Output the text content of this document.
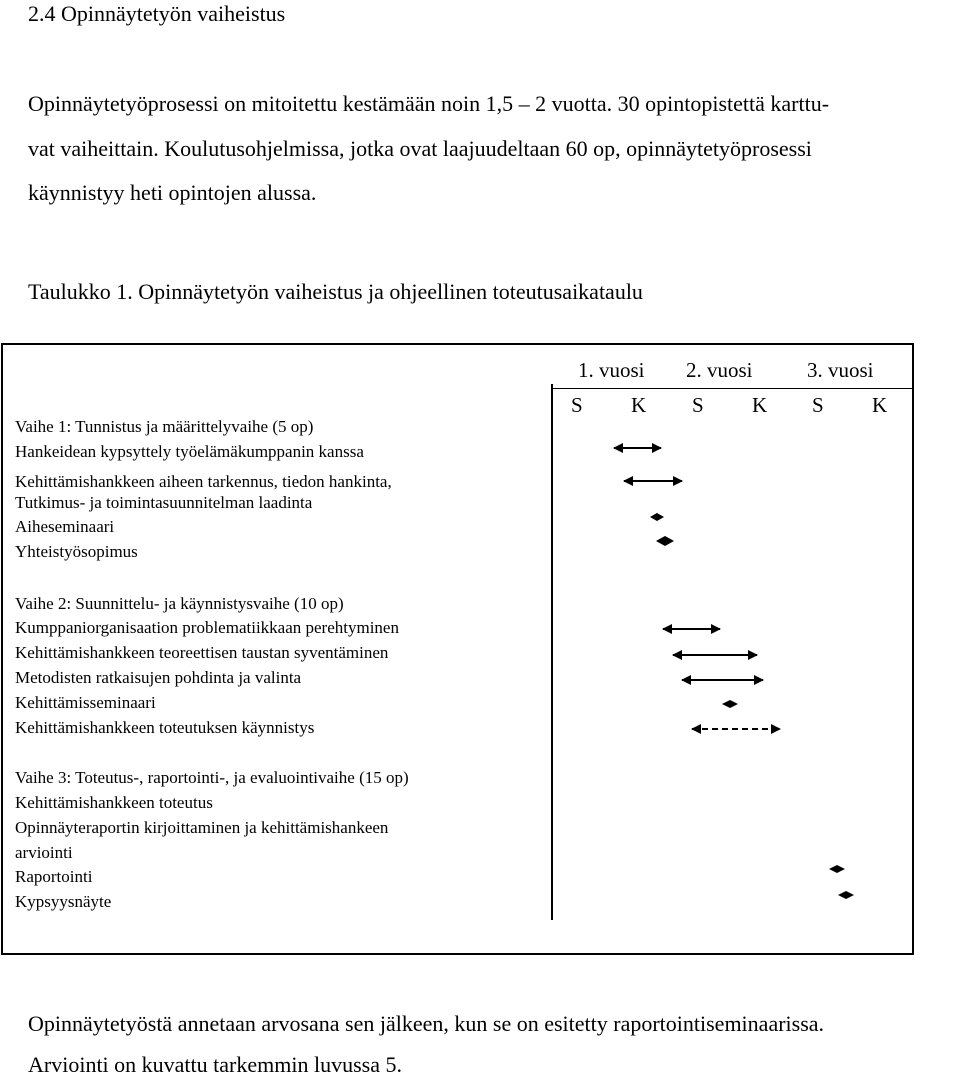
2.4 Opinnäytetyön vaiheistus

Opinnäytetyöprosessi on mitoitettu kestämään noin 1,5 – 2 vuotta. 30 opintopistettä karttu-

vat vaiheittain. Koulutusohjelmissa, jotka ovat laajuudeltaan 60 op, opinnäytetyöprosessi

käynnistyy heti opintojen alussa.

Taulukko 1. Opinnäytetyön vaiheistus ja ohjeellinen toteutusaikataulu

1. vuosi 2. vuosi	3. vuosi

S K S K S K

Vaihe 1: Tunnistus ja määrittelyvaihe (5 op)

Hankeidean kypsyttely työelämäkumppanin kanssa

Kehittämishankkeen aiheen tarkennus, tiedon hankinta,

Tutkimus- ja toimintasuunnitelman laadinta

Aiheseminaari

Yhteistyösopimus

Vaihe 2: Suunnittelu- ja käynnistysvaihe (10 op)

Kumppaniorganisaation problematiikkaan perehtyminen

Kehittämishankkeen teoreettisen taustan syventäminen

Metodisten ratkaisujen pohdinta ja valinta

Kehittämisseminaari

Kehittämishankkeen toteutuksen käynnistys

Vaihe 3: Toteutus-, raportointi-, ja evaluointivaihe (15 op)

Kehittämishankkeen toteutus

Opinnäyteraportin kirjoittaminen ja kehittämishankeen

arviointi

Raportointi

Kypsyysnäyte

Opinnäytetyöstä annetaan arvosana sen jälkeen, kun se on esitetty raportointiseminaarissa.

Arviointi on kuvattu tarkemmin luvussa 5.
